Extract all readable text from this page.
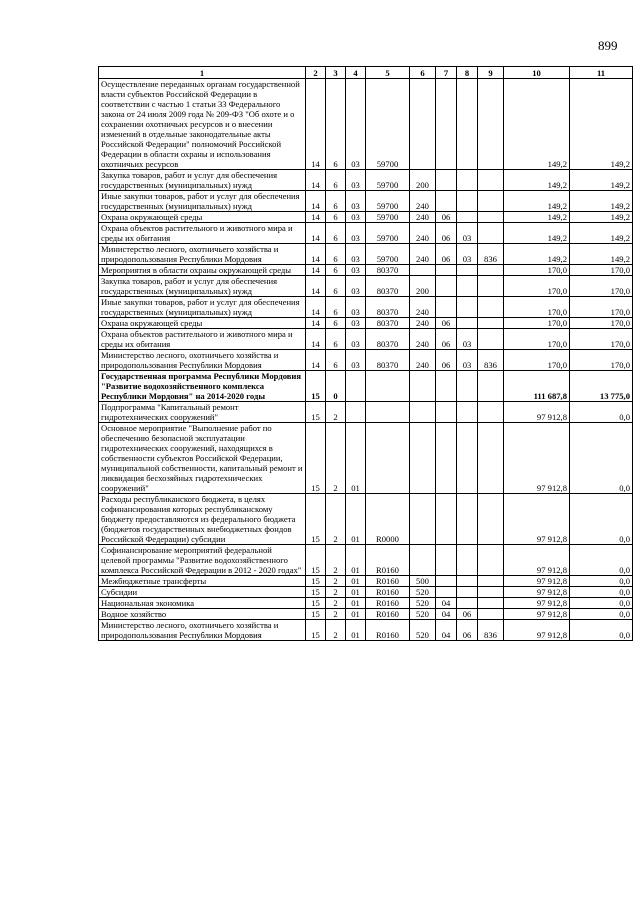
899
1	2	3	4	5	6	7	8	9	10	11
Осуществление переданных органам государственной власти субъектов Российской Федерации в соответствии с частью 1 статьи 33 Федерального закона от 24 июля 2009 года № 209-ФЗ "Об охоте и о сохранении охотничьих ресурсов и о внесении изменений в отдельные законодательные акты Российской Федерации" полномочий Российской Федерации в области охраны и использования охотничьих ресурсов	14	6	03	59700					149,2	149,2
Закупка товаров, работ и услуг для обеспечения государственных (муниципальных) нужд	14	6	03	59700	200				149,2	149,2
Иные закупки товаров, работ и услуг для обеспечения государственных (муниципальных) нужд	14	6	03	59700	240				149,2	149,2
Охрана окружающей среды	14	6	03	59700	240	06			149,2	149,2
Охрана объектов растительного и животного мира и среды их обитания	14	6	03	59700	240	06	03		149,2	149,2
Министерство лесного, охотничьего хозяйства и природопользования Республики Мордовия	14	6	03	59700	240	06	03	836	149,2	149,2
Мероприятия в области охраны окружающей среды	14	6	03	80370					170,0	170,0
Закупка товаров, работ и услуг для обеспечения государственных (муниципальных) нужд	14	6	03	80370	200				170,0	170,0
Иные закупки товаров, работ и услуг для обеспечения государственных (муниципальных) нужд	14	6	03	80370	240				170,0	170,0
Охрана окружающей среды	14	6	03	80370	240	06			170,0	170,0
Охрана объектов растительного и животного мира и среды их обитания	14	6	03	80370	240	06	03		170,0	170,0
Министерство лесного, охотничьего хозяйства и природопользования Республики Мордовия	14	6	03	80370	240	06	03	836	170,0	170,0
Государственная программа Республики Мордовия "Развитие водохозяйственного комплекса Республики Мордовия" на 2014-2020 годы	15	0							111 687,8	13 775,0
Подпрограмма "Капитальный ремонт гидротехнических сооружений"	15	2							97 912,8	0,0
Основное мероприятие "Выполнение работ по обеспечению безопасной эксплуатации гидротехнических сооружений, находящихся в собственности субъектов Российской Федерации, муниципальной собственности, капитальный ремонт и ликвидация бесхозяйных гидротехнических сооружений"	15	2	01						97 912,8	0,0
Расходы республиканского бюджета, в целях софинансирования которых республиканскому бюджету предоставляются из федерального бюджета (бюджетов государственных внебюджетных фондов Российской Федерации) субсидии	15	2	01	R0000					97 912,8	0,0
Софинансирование мероприятий федеральной целевой программы "Развитие водохозяйственного комплекса Российской Федерации в 2012 - 2020 годах"	15	2	01	R0160					97 912,8	0,0
Межбюджетные трансферты	15	2	01	R0160	500				97 912,8	0,0
Субсидии	15	2	01	R0160	520				97 912,8	0,0
Национальная экономика	15	2	01	R0160	520	04			97 912,8	0,0
Водное хозяйство	15	2	01	R0160	520	04	06		97 912,8	0,0
Министерство лесного, охотничьего хозяйства и природопользования Республики Мордовия	15	2	01	R0160	520	04	06	836	97 912,8	0,0
